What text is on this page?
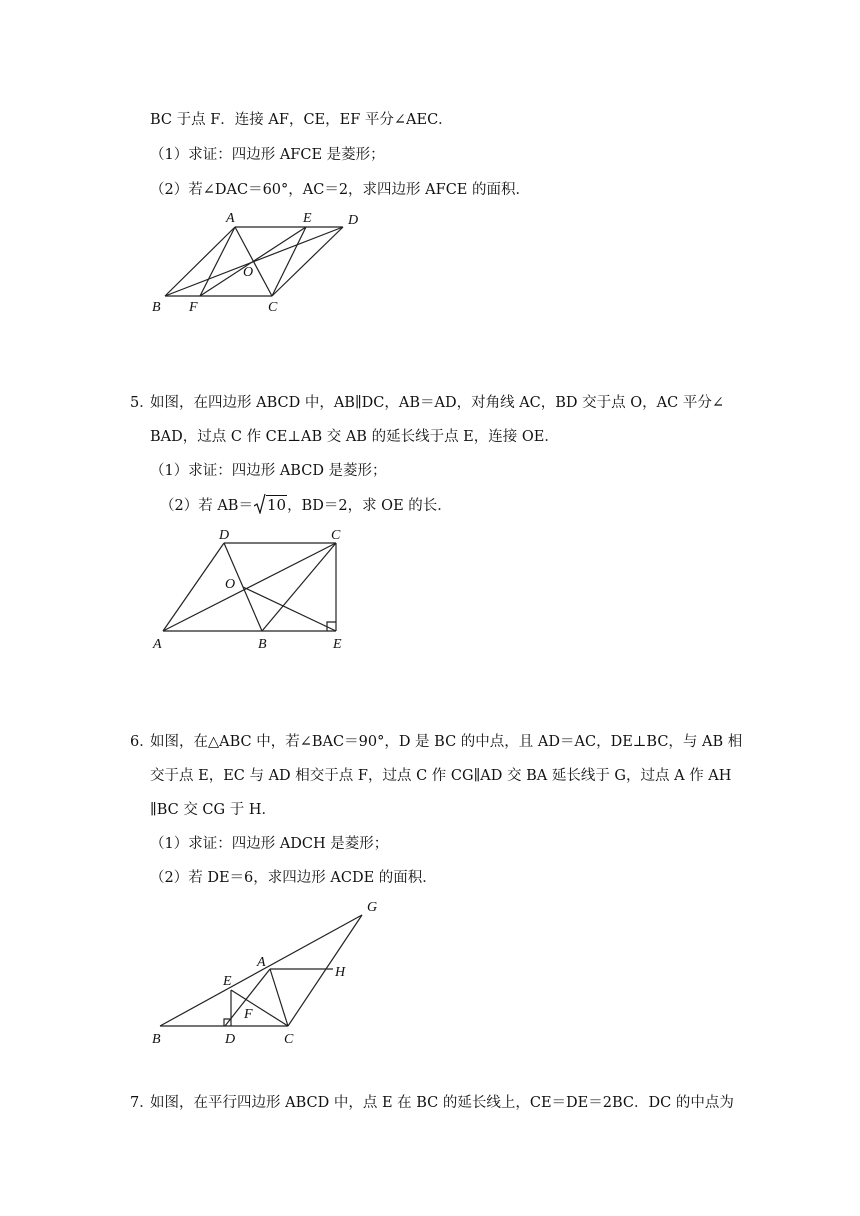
BC 于点 F．连接 AF，CE，EF 平分∠AEC．
（1）求证：四边形 AFCE 是菱形；
（2）若∠DAC＝60°，AC＝2，求四边形 AFCE 的面积．
A	E	D
O
B F	C
5．
如图，在四边形 ABCD 中，AB∥DC，AB＝AD，对角线 AC，BD 交于点 O，AC 平分∠
BAD，过点 C 作 CE⊥AB 交 AB 的延长线于点 E，连接 OE．
（1）求证：四边形 ABCD 是菱形；
（2）若 AB＝ 10，BD＝2，求 OE 的长．
D	C
O
A	B	E
6．
如图，在△ABC 中，若∠BAC＝90°，D 是 BC 的中点，且 AD＝AC，DE⊥BC，与 AB 相
交于点 E，EC 与 AD 相交于点 F，过点 C 作 CG∥AD 交 BA 延长线于 G，过点 A 作 AH
∥BC 交 CG 于 H．
（1）求证：四边形 ADCH 是菱形；
（2）若 DE＝6，求四边形 ACDE 的面积．
G
A
H
E
F
B	D	C
7．
如图，在平行四边形 ABCD 中，点 E 在 BC 的延长线上，CE＝DE＝2BC．DC 的中点为
